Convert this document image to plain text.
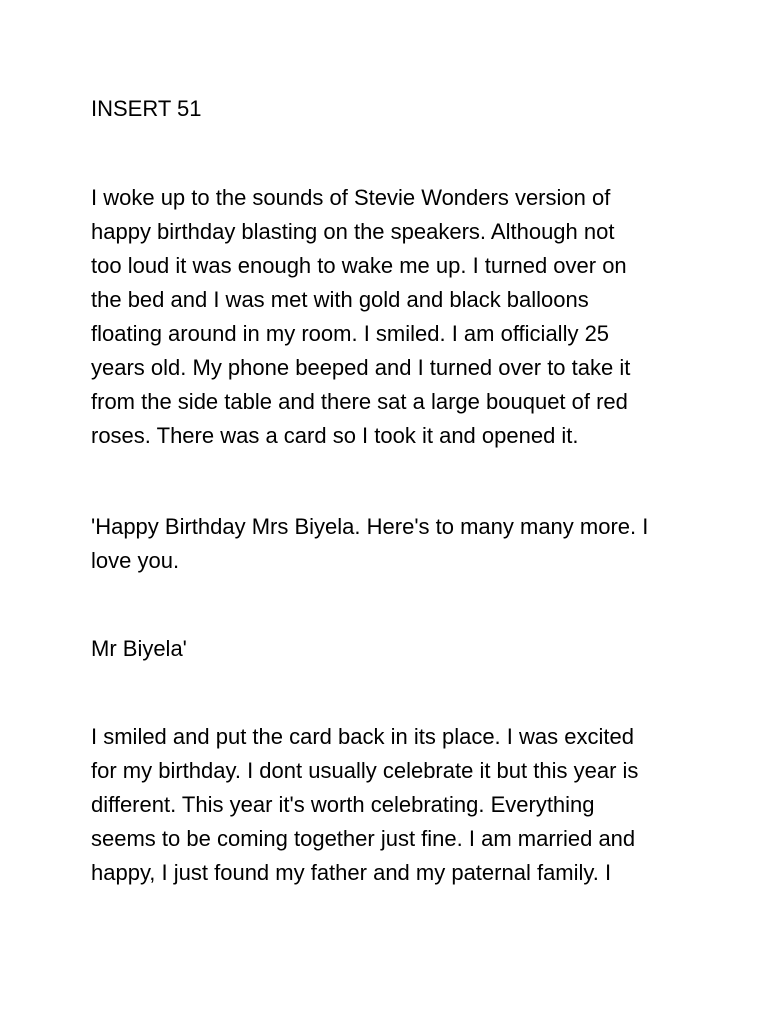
INSERT 51

I woke up to the sounds of Stevie Wonders version of
happy birthday blasting on the speakers. Although not
too loud it was enough to wake me up. I turned over on
the bed and I was met with gold and black balloons
floating around in my room. I smiled. I am officially 25
years old. My phone beeped and I turned over to take it
from the side table and there sat a large bouquet of red
roses. There was a card so I took it and opened it.

'Happy Birthday Mrs Biyela. Here's to many many more. I
love you.

Mr Biyela'

I smiled and put the card back in its place. I was excited
for my birthday. I dont usually celebrate it but this year is
different. This year it's worth celebrating. Everything
seems to be coming together just fine. I am married and
happy, I just found my father and my paternal family. I
